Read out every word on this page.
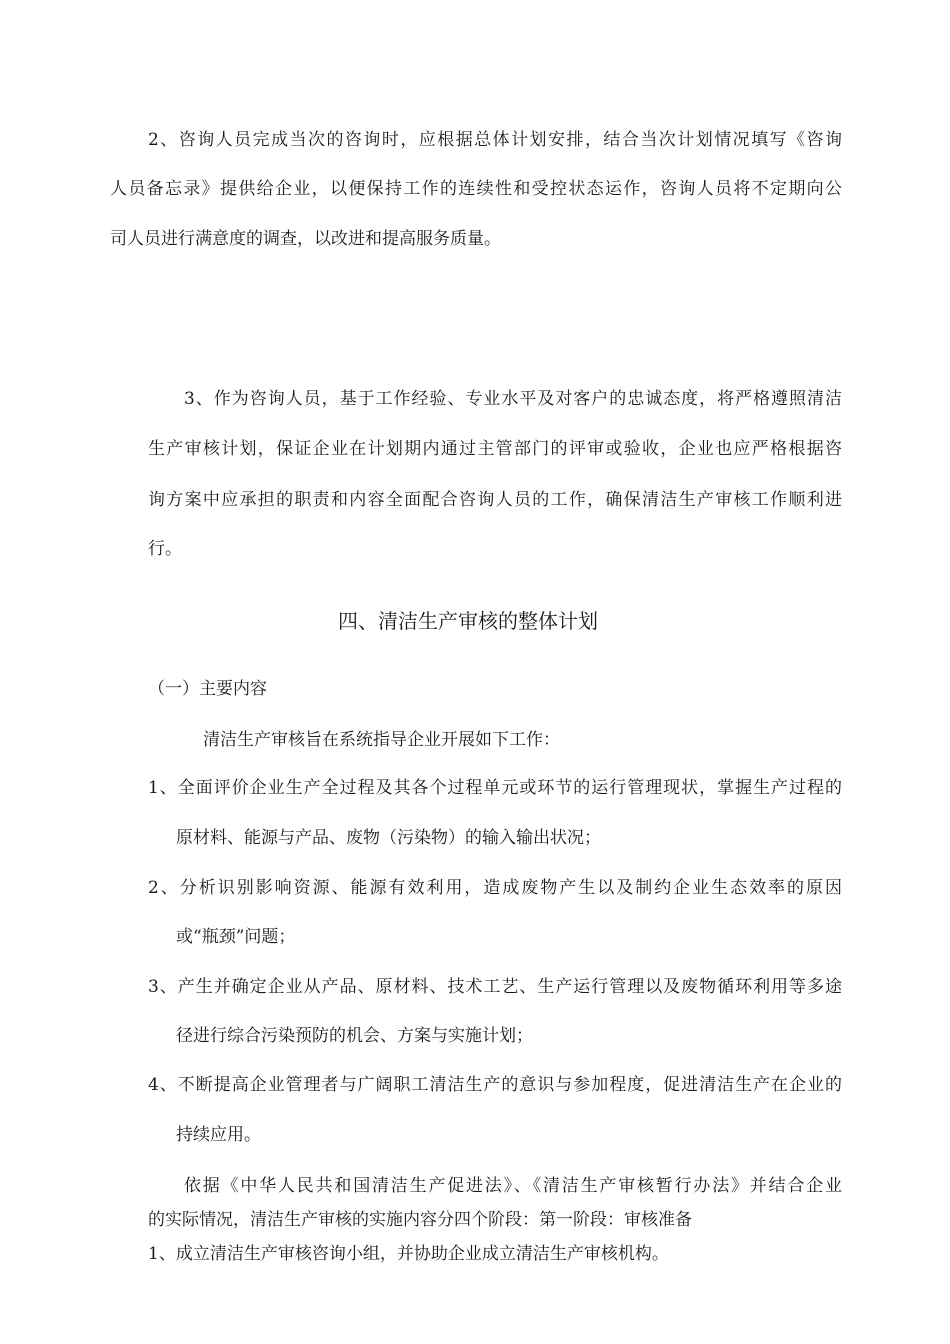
2、咨询人员完成当次的咨询时，应根据总体计划安排，结合当次计划情况填写《咨询
人员备忘录》提供给企业，以便保持工作的连续性和受控状态运作，咨询人员将不定期向公
司人员进行满意度的调查，以改进和提高服务质量。
3、作为咨询人员，基于工作经验、专业水平及对客户的忠诚态度，将严格遵照清洁
生产审核计划，保证企业在计划期内通过主管部门的评审或验收，企业也应严格根据咨
询方案中应承担的职责和内容全面配合咨询人员的工作，确保清洁生产审核工作顺利进
行。
四、清洁生产审核的整体计划
（一）主要内容
清洁生产审核旨在系统指导企业开展如下工作：
1、全面评价企业生产全过程及其各个过程单元或环节的运行管理现状，掌握生产过程的
原材料、能源与产品、废物（污染物）的输入输出状况；
2、分析识别影响资源、能源有效利用，造成废物产生以及制约企业生态效率的原因
或“瓶颈”问题；
3、产生并确定企业从产品、原材料、技术工艺、生产运行管理以及废物循环利用等多途
径进行综合污染预防的机会、方案与实施计划；
4、不断提高企业管理者与广阔职工清洁生产的意识与参加程度，促进清洁生产在企业的
持续应用。
依据《中华人民共和国清洁生产促进法》、《清洁生产审核暂行办法》并结合企业
的实际情况，清洁生产审核的实施内容分四个阶段：第一阶段：审核准备
1、成立清洁生产审核咨询小组，并协助企业成立清洁生产审核机构。
